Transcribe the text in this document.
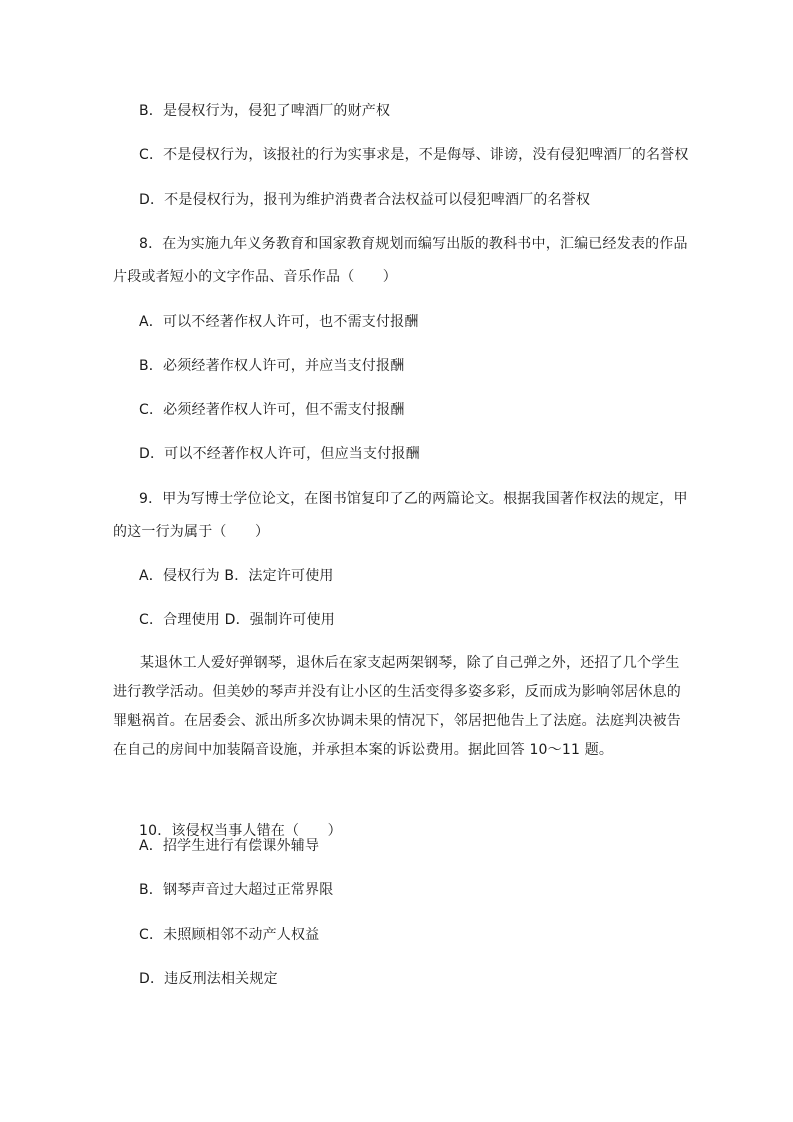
B．是侵权行为，侵犯了啤酒厂的财产权
C．不是侵权行为，该报社的行为实事求是，不是侮辱、诽谤，没有侵犯啤酒厂的名誉权
D．不是侵权行为，报刊为维护消费者合法权益可以侵犯啤酒厂的名誉权
8．在为实施九年义务教育和国家教育规划而编写出版的教科书中，汇编已经发表的作品
片段或者短小的文字作品、音乐作品（　　）
A．可以不经著作权人许可，也不需支付报酬
B．必须经著作权人许可，并应当支付报酬
C．必须经著作权人许可，但不需支付报酬
D．可以不经著作权人许可，但应当支付报酬
9．甲为写博士学位论文，在图书馆复印了乙的两篇论文。根据我国著作权法的规定，甲
的这一行为属于（　　）
A．侵权行为 B．法定许可使用
C．合理使用 D．强制许可使用
某退休工人爱好弹钢琴，退休后在家支起两架钢琴，除了自己弹之外，还招了几个学生进行教学活动。但美妙的琴声并没有让小区的生活变得多姿多彩，反而成为影响邻居休息的罪魁祸首。在居委会、派出所多次协调未果的情况下，邻居把他告上了法庭。法庭判决被告在自己的房间中加装隔音设施，并承担本案的诉讼费用。据此回答 10～11 题。
10．该侵权当事人错在（　　）
A．招学生进行有偿课外辅导
B．钢琴声音过大超过正常界限
C．未照顾相邻不动产人权益
D．违反刑法相关规定
